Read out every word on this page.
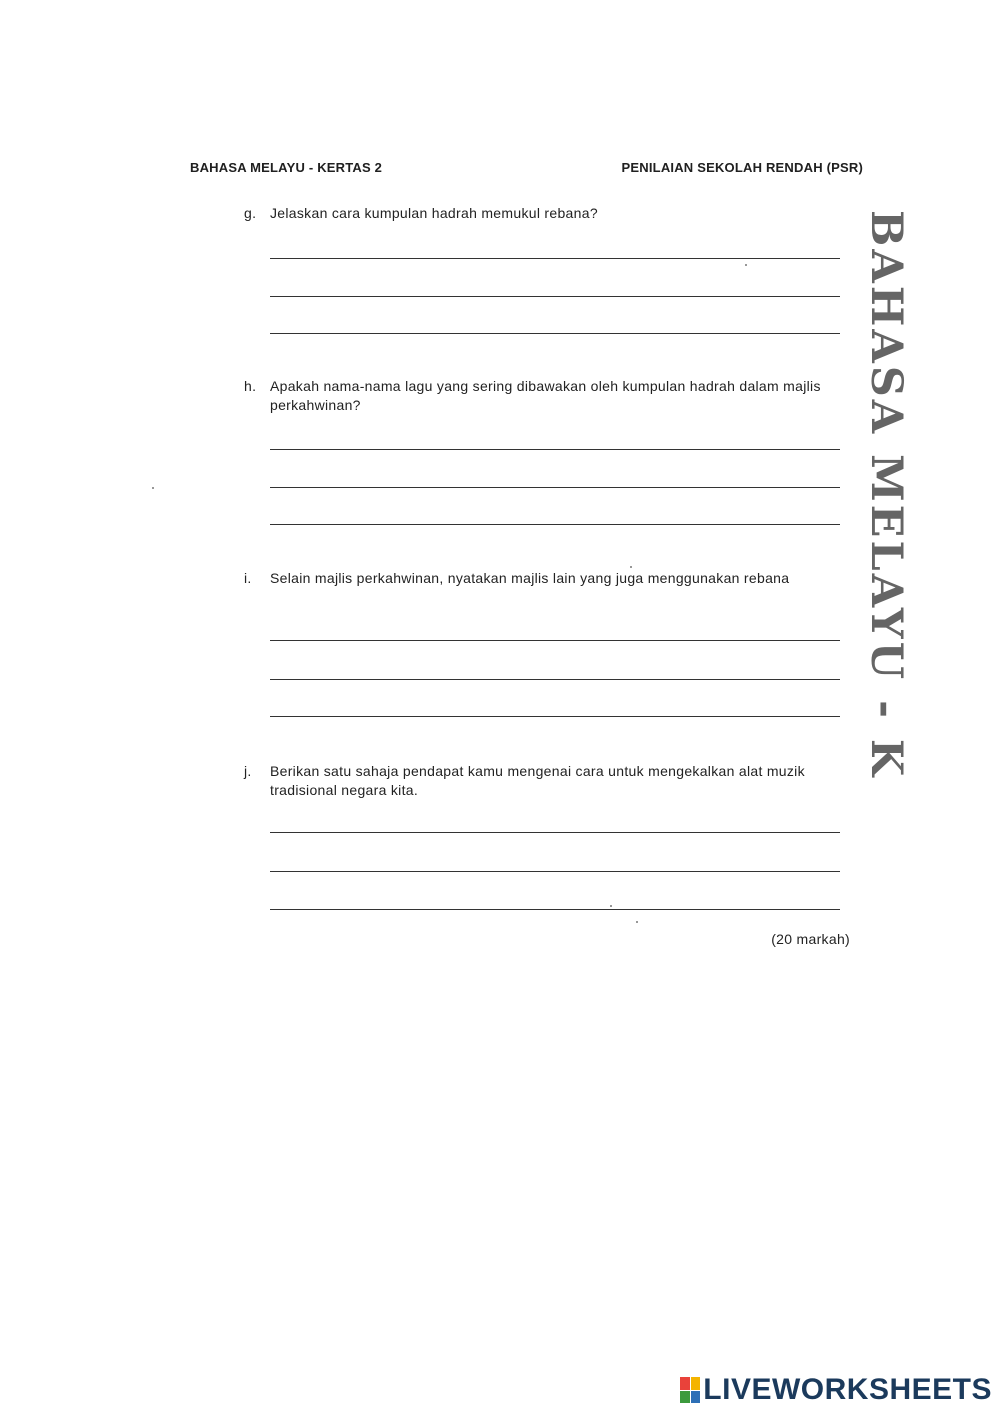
BAHASA MELAYU - KERTAS 2	PENILAIAN SEKOLAH RENDAH (PSR)
g. Jelaskan cara kumpulan hadrah memukul rebana?
h. Apakah nama-nama lagu yang sering dibawakan oleh kumpulan hadrah dalam majlis perkahwinan?
i.	Selain majlis perkahwinan, nyatakan majlis lain yang juga menggunakan rebana
j.	Berikan satu sahaja pendapat kamu mengenai cara untuk mengekalkan alat muzik tradisional negara kita.
(20 markah)
BAHASA MELAYU - K
LIVEWORKSHEETS
